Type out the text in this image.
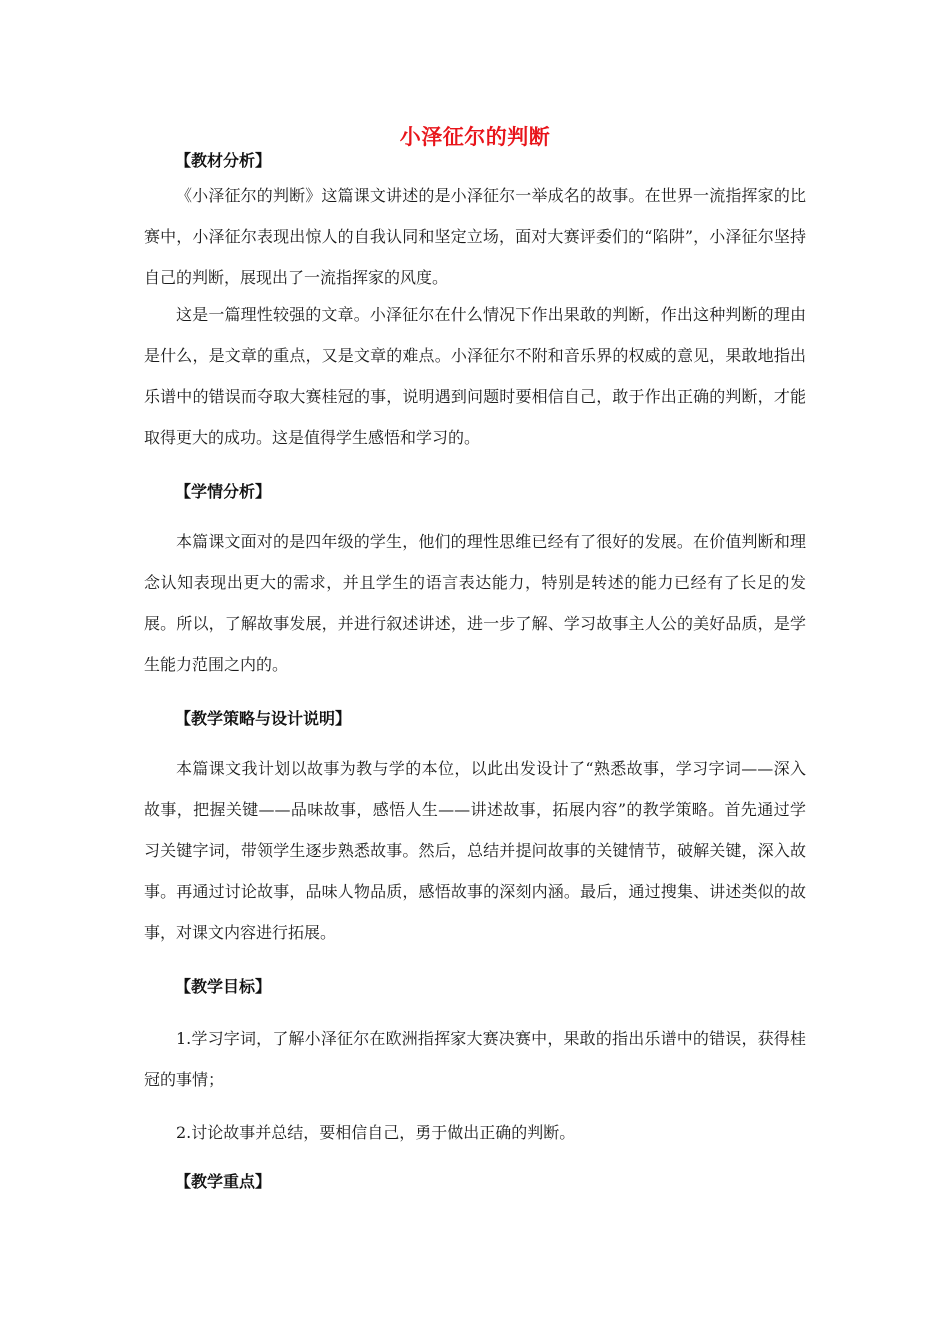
小泽征尔的判断
【教材分析】
《小泽征尔的判断》这篇课文讲述的是小泽征尔一举成名的故事。在世界一流指挥家的比赛中，小泽征尔表现出惊人的自我认同和坚定立场，面对大赛评委们的“陷阱”，小泽征尔坚持自己的判断，展现出了一流指挥家的风度。
这是一篇理性较强的文章。小泽征尔在什么情况下作出果敢的判断，作出这种判断的理由是什么，是文章的重点，又是文章的难点。小泽征尔不附和音乐界的权威的意见，果敢地指出乐谱中的错误而夺取大赛桂冠的事，说明遇到问题时要相信自己，敢于作出正确的判断，才能取得更大的成功。这是值得学生感悟和学习的。
【学情分析】
本篇课文面对的是四年级的学生，他们的理性思维已经有了很好的发展。在价值判断和理念认知表现出更大的需求，并且学生的语言表达能力，特别是转述的能力已经有了长足的发展。所以，了解故事发展，并进行叙述讲述，进一步了解、学习故事主人公的美好品质，是学生能力范围之内的。
【教学策略与设计说明】
本篇课文我计划以故事为教与学的本位，以此出发设计了“熟悉故事，学习字词——深入故事，把握关键——品味故事，感悟人生——讲述故事，拓展内容”的教学策略。首先通过学习关键字词，带领学生逐步熟悉故事。然后，总结并提问故事的关键情节，破解关键，深入故事。再通过讨论故事，品味人物品质，感悟故事的深刻内涵。最后，通过搜集、讲述类似的故事，对课文内容进行拓展。
【教学目标】
1.学习字词，了解小泽征尔在欧洲指挥家大赛决赛中，果敢的指出乐谱中的错误，获得桂冠的事情；
2.讨论故事并总结，要相信自己，勇于做出正确的判断。
【教学重点】
